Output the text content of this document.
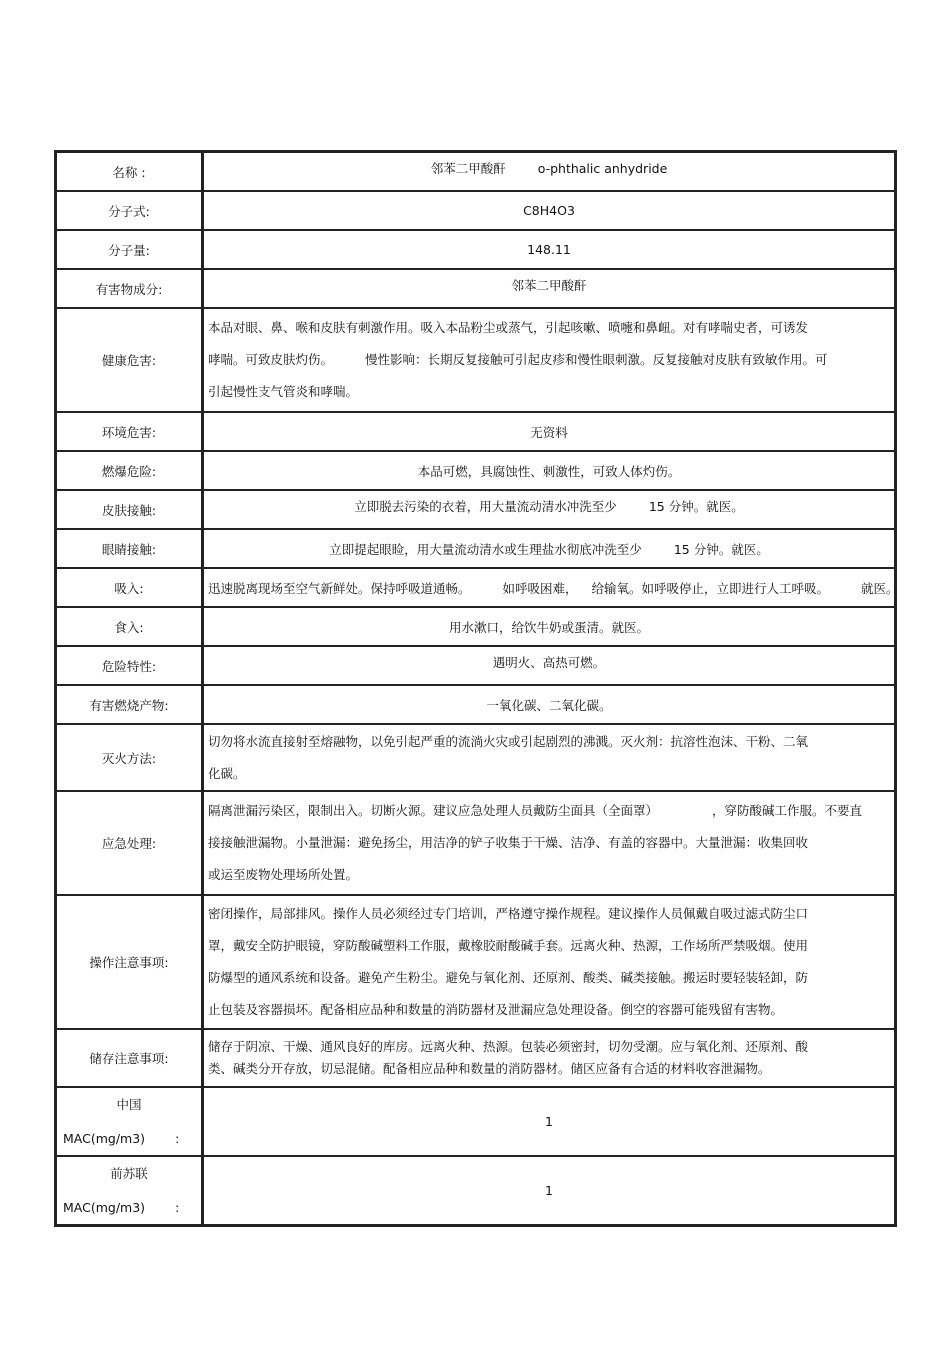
名称 :	邻苯二甲酸酐 o-phthalic anhydride
分子式:	C8H4O3
分子量:	148.11
有害物成分:	邻苯二甲酸酐
健康危害:	本品对眼、鼻、喉和皮肤有刺激作用。吸入本品粉尘或蒸气，引起咳嗽、喷嚏和鼻衄。对有哮喘史者，可诱发
哮喘。可致皮肤灼伤。 慢性影响：长期反复接触可引起皮疹和慢性眼刺激。反复接触对皮肤有致敏作用。可
引起慢性支气管炎和哮喘。

环境危害:	无资料
燃爆危险:	本品可燃，具腐蚀性、刺激性，可致人体灼伤。
皮肤接触:	立即脱去污染的衣着，用大量流动清水冲洗至少 15 分钟。就医。
眼睛接触:	立即提起眼睑，用大量流动清水或生理盐水彻底冲洗至少 15 分钟。就医。
吸入:	迅速脱离现场至空气新鲜处。保持呼吸道通畅。 如呼吸困难， 给输氧。如呼吸停止，立即进行人工呼吸。 就医。
食入:	用水漱口，给饮牛奶或蛋清。就医。
危险特性:	遇明火、高热可燃。
有害燃烧产物:	一氧化碳、二氧化碳。
灭火方法:	切勿将水流直接射至熔融物，以免引起严重的流淌火灾或引起剧烈的沸溅。灭火剂：抗溶性泡沫、干粉、二氧
化碳。

应急处理:	隔离泄漏污染区，限制出入。切断火源。建议应急处理人员戴防尘面具（全面罩） ，穿防酸碱工作服。不要直
接接触泄漏物。小量泄漏：避免扬尘，用洁净的铲子收集于干燥、洁净、有盖的容器中。大量泄漏：收集回收
或运至废物处理场所处置。

操作注意事项:	密闭操作，局部排风。操作人员必须经过专门培训，严格遵守操作规程。建议操作人员佩戴自吸过滤式防尘口
罩，戴安全防护眼镜，穿防酸碱塑料工作服，戴橡胶耐酸碱手套。远离火种、热源，工作场所严禁吸烟。使用
防爆型的通风系统和设备。避免产生粉尘。避免与氧化剂、还原剂、酸类、碱类接触。搬运时要轻装轻卸，防
止包装及容器损坏。配备相应品种和数量的消防器材及泄漏应急处理设备。倒空的容器可能残留有害物。

储存注意事项:	储存于阴凉、干燥、通风良好的库房。远离火种、热源。包装必须密封，切勿受潮。应与氧化剂、还原剂、酸
类、碱类分开存放，切忌混储。配备相应品种和数量的消防器材。储区应备有合适的材料收容泄漏物。

中国
MAC(mg/m3) :	1

前苏联
MAC(mg/m3) :	1
